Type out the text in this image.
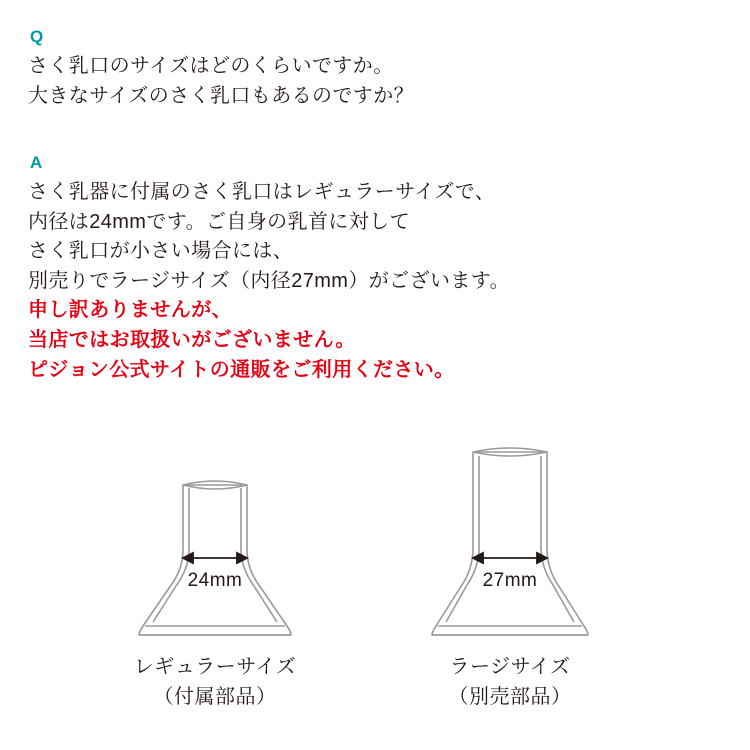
Q
さく乳口のサイズはどのくらいですか。
大きなサイズのさく乳口もあるのですか？
A
さく乳器に付属のさく乳口はレギュラーサイズで、
内径は24mmです。ご自身の乳首に対して
さく乳口が小さい場合には、
別売りでラージサイズ（内径27mm）がございます。
申し訳ありませんが、
当店ではお取扱いがございません。
ピジョン公式サイトの通販をご利用ください。
24mm
レギュラーサイズ
（付属部品）
27mm
ラージサイズ
（別売部品）
